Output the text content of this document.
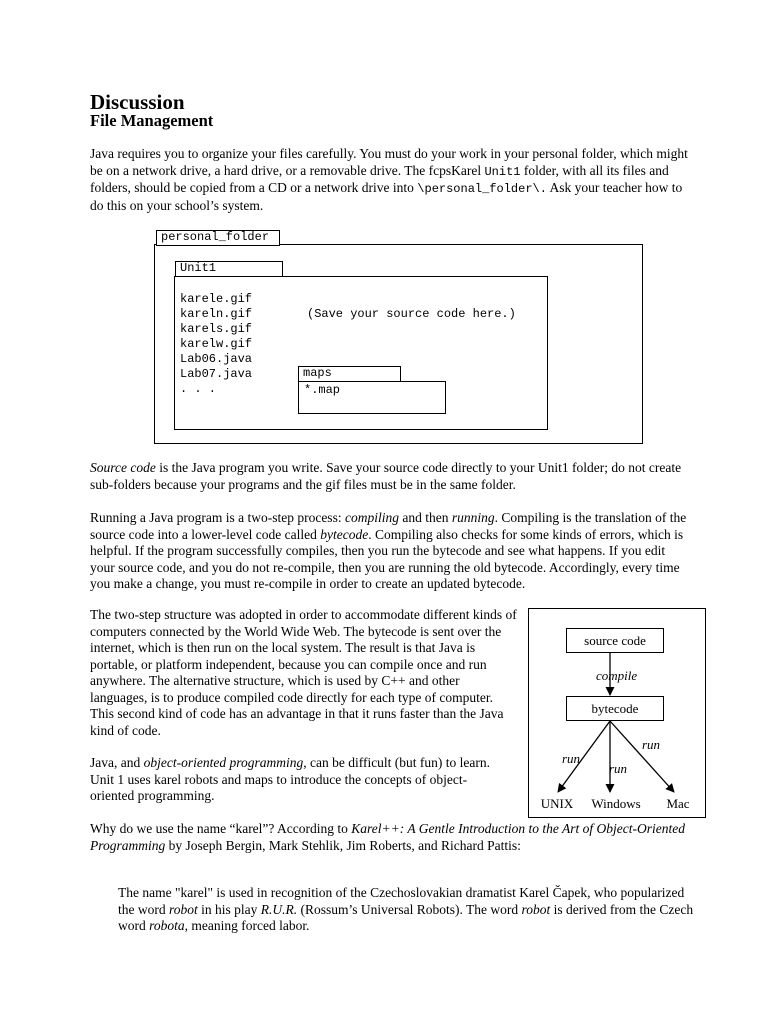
Discussion
File Management
Java requires you to organize your files carefully. You must do your work in your personal folder, which might be on a network drive, a hard drive, or a removable drive. The fcpsKarel Unit1 folder, with all its files and folders, should be copied from a CD or a network drive into \personal_folder\. Ask your teacher how to do this on your school’s system.
personal_folder
Unit1
karele.gif
kareln.gif
karels.gif
karelw.gif
Lab06.java
Lab07.java
. . .
(Save your source code here.)
maps
*.map
Source code is the Java program you write. Save your source code directly to your Unit1 folder; do not create sub-folders because your programs and the gif files must be in the same folder.
Running a Java program is a two-step process: compiling and then running. Compiling is the translation of the source code into a lower-level code called bytecode. Compiling also checks for some kinds of errors, which is helpful. If the program successfully compiles, then you run the bytecode and see what happens. If you edit your source code, and you do not re-compile, then you are running the old bytecode. Accordingly, every time you make a change, you must re-compile in order to create an updated bytecode.
The two-step structure was adopted in order to accommodate different kinds of computers connected by the World Wide Web. The bytecode is sent over the internet, which is then run on the local system. The result is that Java is portable, or platform independent, because you can compile once and run anywhere. The alternative structure, which is used by C++ and other languages, is to produce compiled code directly for each type of computer. This second kind of code has an advantage in that it runs faster than the Java kind of code.
Java, and object-oriented programming, can be difficult (but fun) to learn. Unit 1 uses karel robots and maps to introduce the concepts of object-oriented programming.
source code
compile
bytecode
run
run
run
UNIX Windows Mac
Why do we use the name “karel”? According to Karel++: A Gentle Introduction to the Art of Object-Oriented Programming by Joseph Bergin, Mark Stehlik, Jim Roberts, and Richard Pattis:
The name "karel" is used in recognition of the Czechoslovakian dramatist Karel Čapek, who popularized the word robot in his play R.U.R. (Rossum’s Universal Robots). The word robot is derived from the Czech word robota, meaning forced labor.
